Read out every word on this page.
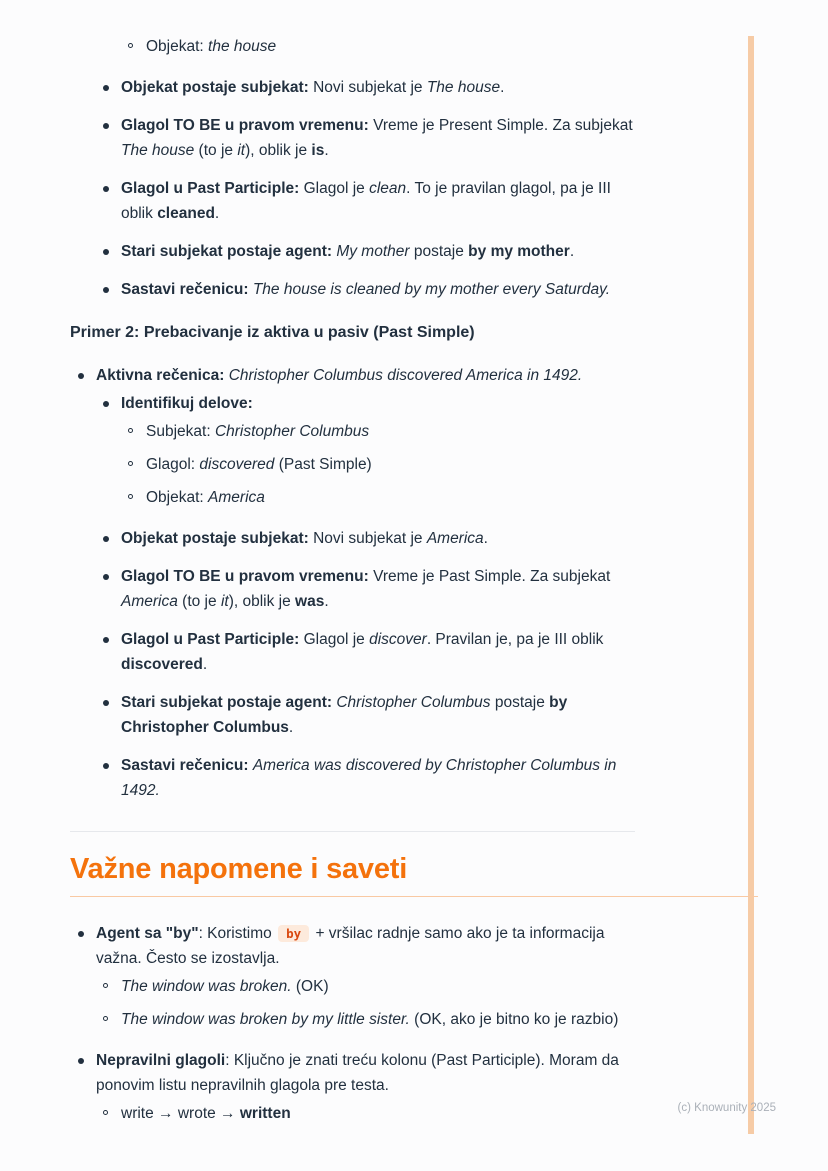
(c) Knowunity 2025
Objekat: the house
Objekat postaje subjekat: Novi subjekat je The house.
Glagol TO BE u pravom vremenu: Vreme je Present Simple. Za subjekat The house (to je it), oblik je is.
Glagol u Past Participle: Glagol je clean. To je pravilan glagol, pa je III oblik cleaned.
Stari subjekat postaje agent: My mother postaje by my mother.
Sastavi rečenicu: The house is cleaned by my mother every Saturday.

Primer 2: Prebacivanje iz aktiva u pasiv (Past Simple)

Aktivna rečenica: Christopher Columbus discovered America in 1492.
Identifikuj delove:
Subjekat: Christopher Columbus
Glagol: discovered (Past Simple)
Objekat: America
Objekat postaje subjekat: Novi subjekat je America.
Glagol TO BE u pravom vremenu: Vreme je Past Simple. Za subjekat America (to je it), oblik je was.
Glagol u Past Participle: Glagol je discover. Pravilan je, pa je III oblik discovered.
Stari subjekat postaje agent: Christopher Columbus postaje by Christopher Columbus.
Sastavi rečenicu: America was discovered by Christopher Columbus in 1492.
Važne napomene i saveti
Agent sa "by": Koristimo by + vršilac radnje samo ako je ta informacija važna. Često se izostavlja.
The window was broken. (OK)
The window was broken by my little sister. (OK, ako je bitno ko je razbio)
Nepravilni glagoli: Ključno je znati treću kolonu (Past Participle). Moram da ponovim listu nepravilnih glagola pre testa.
write → wrote → written
